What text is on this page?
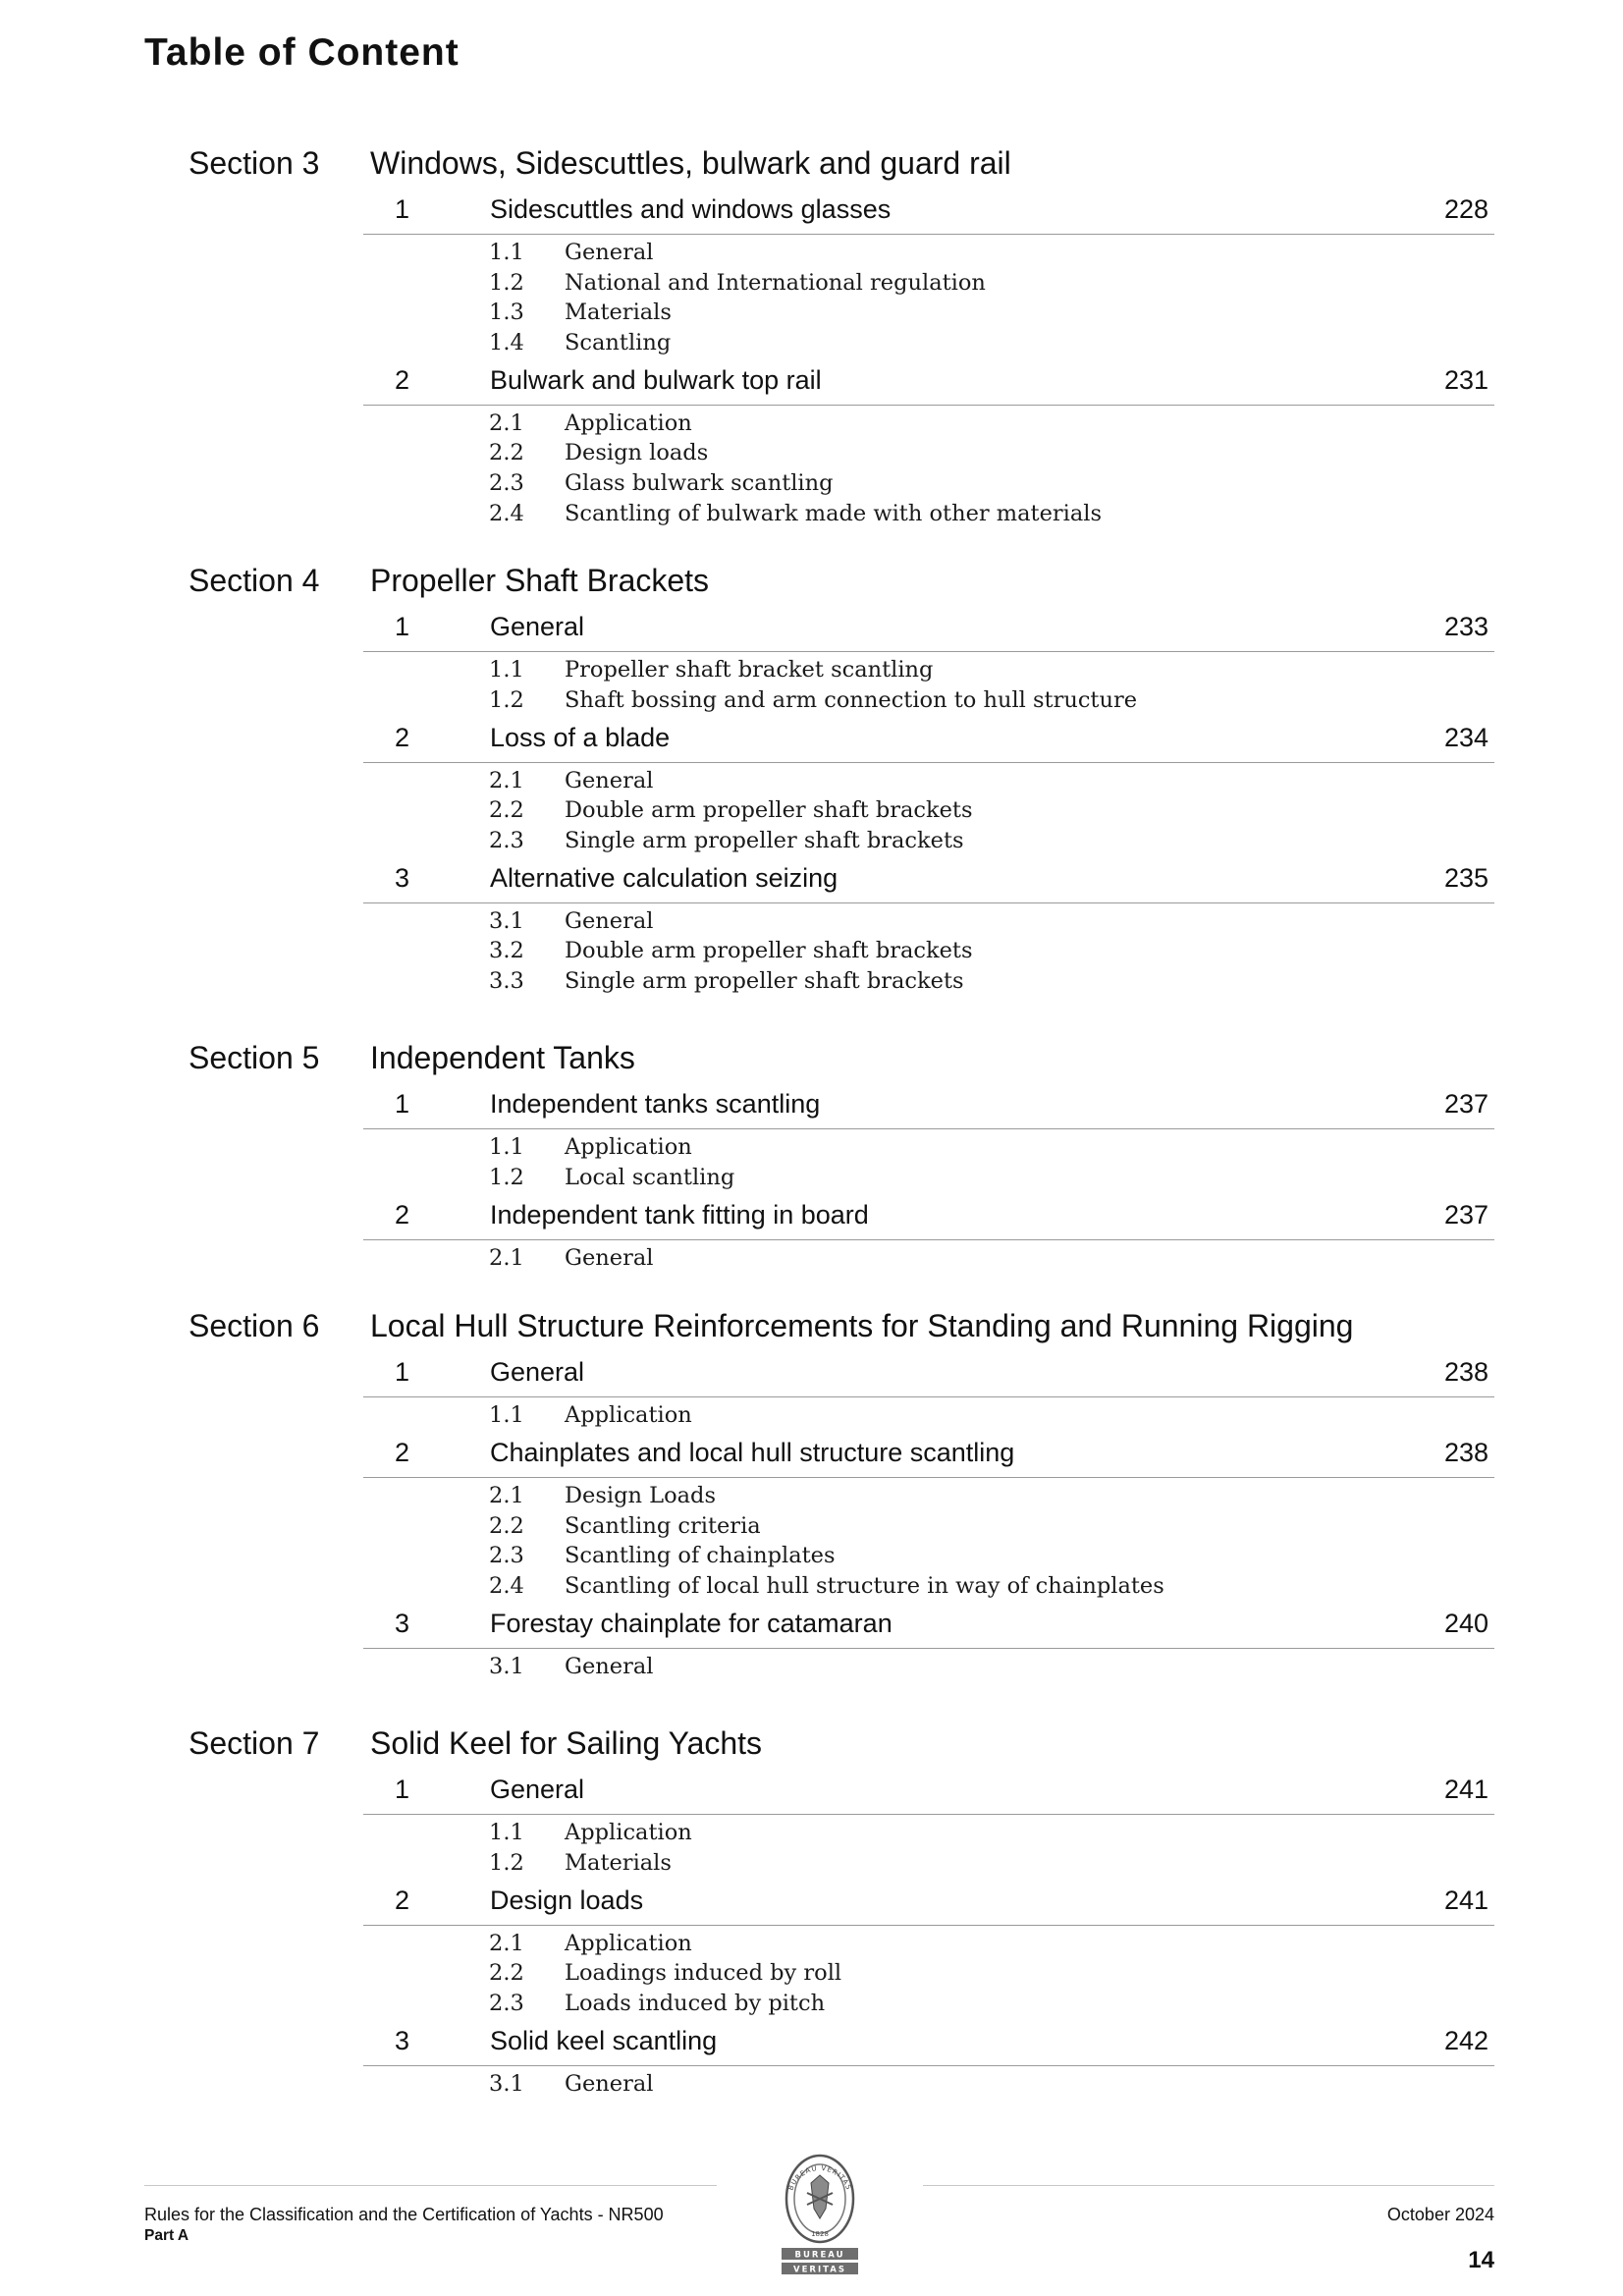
Table of Content
Section 3 Windows, Sidescuttles, bulwark and guard rail
1	Sidescuttles and windows glasses	228
1.1 General
1.2 National and International regulation
1.3 Materials
1.4 Scantling
2	Bulwark and bulwark top rail	231
2.1 Application
2.2 Design loads
2.3 Glass bulwark scantling
2.4 Scantling of bulwark made with other materials
Section 4 Propeller Shaft Brackets
1	General	233
1.1 Propeller shaft bracket scantling
1.2 Shaft bossing and arm connection to hull structure
2	Loss of a blade	234
2.1 General
2.2 Double arm propeller shaft brackets
2.3 Single arm propeller shaft brackets
3	Alternative calculation seizing	235
3.1 General
3.2 Double arm propeller shaft brackets
3.3 Single arm propeller shaft brackets
Section 5 Independent Tanks
1	Independent tanks scantling	237
1.1 Application
1.2 Local scantling
2	Independent tank fitting in board	237
2.1 General
Section 6 Local Hull Structure Reinforcements for Standing and Running Rigging
1	General	238
1.1 Application
2	Chainplates and local hull structure scantling	238
2.1 Design Loads
2.2 Scantling criteria
2.3 Scantling of chainplates
2.4 Scantling of local hull structure in way of chainplates
3	Forestay chainplate for catamaran	240
3.1 General
Section 7 Solid Keel for Sailing Yachts
1	General	241
1.1 Application
1.2 Materials
2	Design loads	241
2.1 Application
2.2 Loadings induced by roll
2.3 Loads induced by pitch
3	Solid keel scantling	242
3.1 General
Rules for the Classification and the Certification of Yachts - NR500
Part A
October 2024
14
BUREAU VERITAS
1828
BUREAU
VERITAS
